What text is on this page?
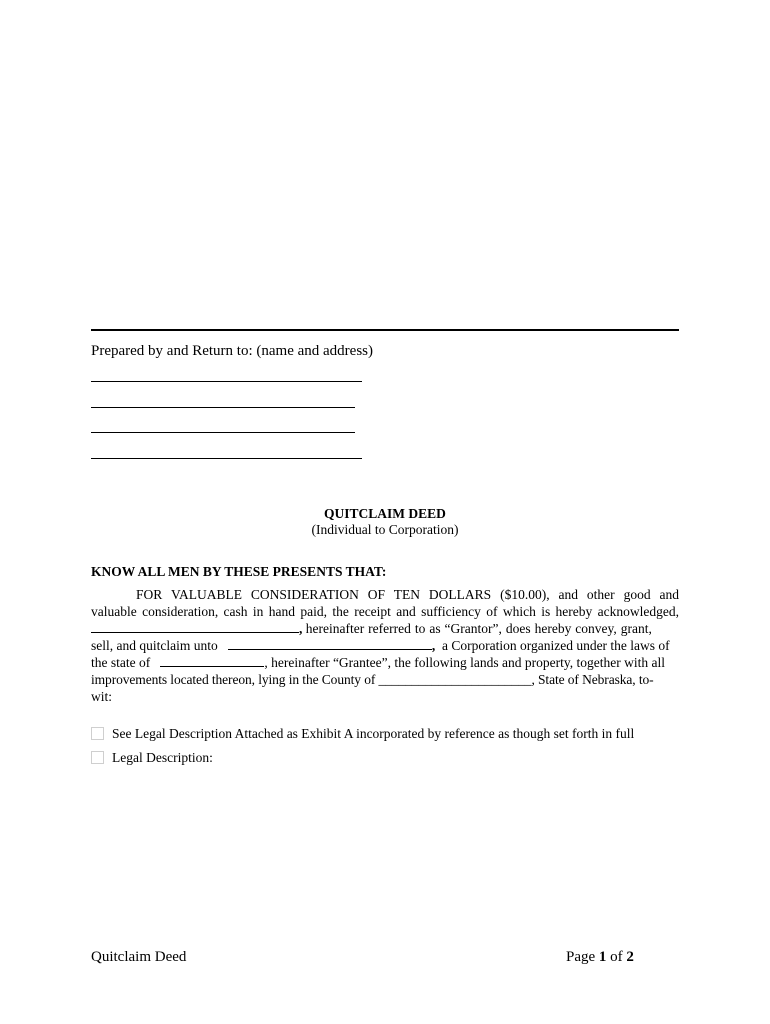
Prepared by and Return to: (name and address)
QUITCLAIM DEED
(Individual to Corporation)
KNOW ALL MEN BY THESE PRESENTS THAT:
FOR VALUABLE CONSIDERATION OF TEN DOLLARS ($10.00), and other good and
valuable consideration, cash in hand paid, the receipt and sufficiency of which is hereby acknowledged,
, hereinafter referred to as “Grantor”, does hereby convey, grant,
sell, and quitclaim unto	, a Corporation organized under the laws of
the state of	, hereinafter “Grantee”, the following lands and property, together with all
improvements located thereon, lying in the County of _______________________, State of Nebraska, to-
wit:
See Legal Description Attached as Exhibit A incorporated by reference as though set forth in full
Legal Description:
Quitclaim Deed	Page 1 of 2
